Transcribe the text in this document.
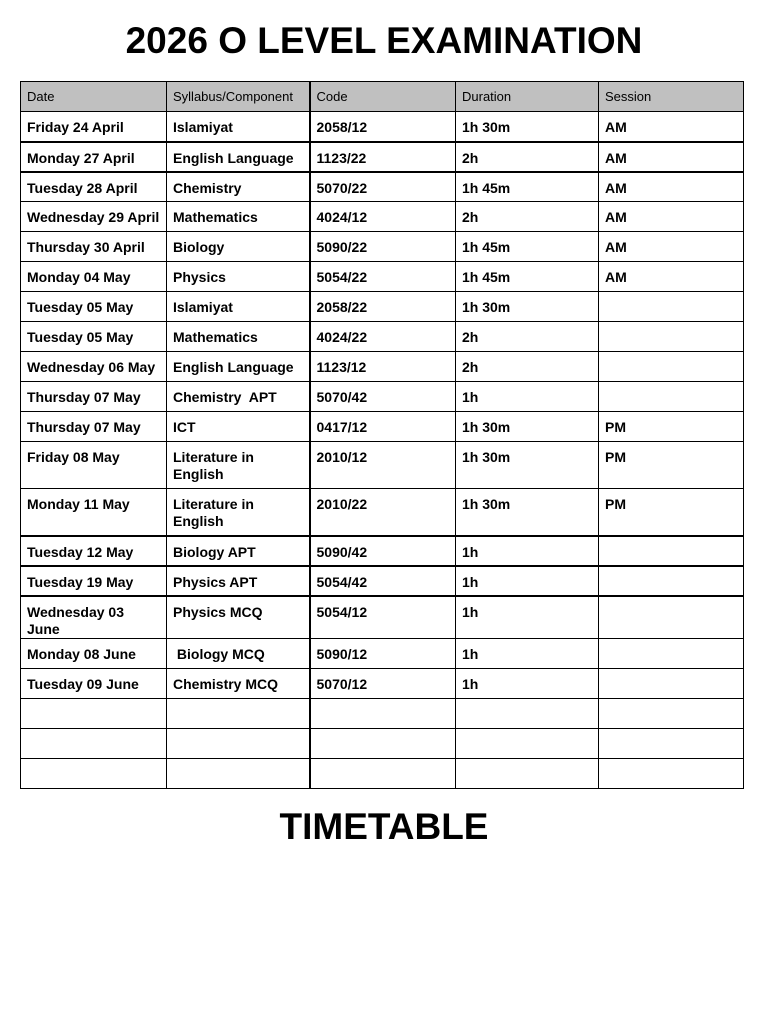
2026 O LEVEL EXAMINATION
Date	Syllabus/Component	Code	Duration	Session
Friday 24 April	Islamiyat	2058/12	1h 30m	AM
Monday 27 April	English Language	1123/22	2h	AM
Tuesday 28 April	Chemistry	5070/22	1h 45m	AM
Wednesday 29 April	Mathematics	4024/12	2h	AM
Thursday 30 April	Biology	5090/22	1h 45m	AM
Monday 04 May	Physics	5054/22	1h 45m	AM
Tuesday 05 May	Islamiyat	2058/22	1h 30m	
Tuesday 05 May	Mathematics	4024/22	2h	
Wednesday 06 May	English Language	1123/12	2h	
Thursday 07 May	Chemistry  APT	5070/42	1h	
Thursday 07 May	ICT	0417/12	1h 30m	PM
Friday 08 May	Literature in English	2010/12	1h 30m	PM
Monday 11 May	Literature in English	2010/22	1h 30m	PM
Tuesday 12 May	Biology APT	5090/42	1h	
Tuesday 19 May	Physics APT	5054/42	1h	
Wednesday 03 June	Physics MCQ	5054/12	1h	
Monday 08 June	Biology MCQ	5090/12	1h	
Tuesday 09 June	Chemistry MCQ	5070/12	1h	

TIMETABLE
